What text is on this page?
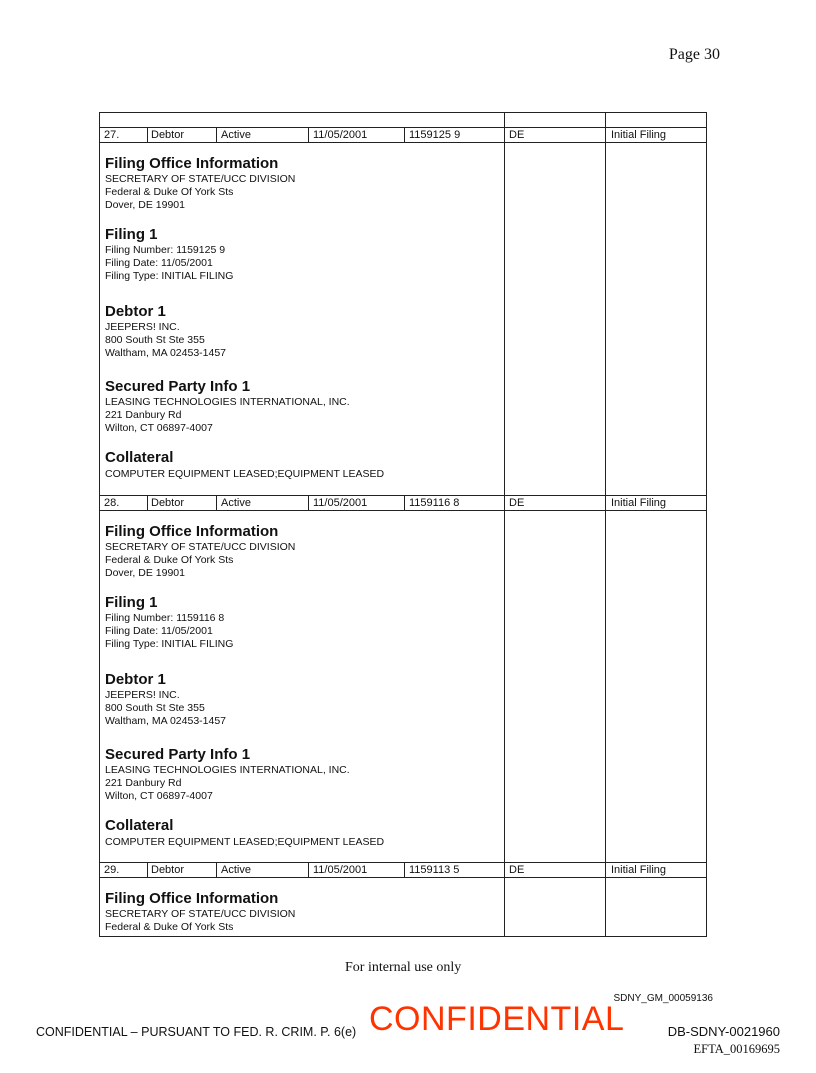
Page 30
27.	Debtor	Active	11/05/2001	1159125 9	DE	Initial Filing
Filing Office Information
SECRETARY OF STATE/UCC DIVISION
Federal & Duke Of York Sts
Dover, DE 19901
Filing 1
Filing Number: 1159125 9
Filing Date: 11/05/2001
Filing Type: INITIAL FILING
Debtor 1
JEEPERS! INC.
800 South St Ste 355
Waltham, MA 02453-1457
Secured Party Info 1
LEASING TECHNOLOGIES INTERNATIONAL, INC.
221 Danbury Rd
Wilton, CT 06897-4007
Collateral
COMPUTER EQUIPMENT LEASED;EQUIPMENT LEASED
28.	Debtor	Active	11/05/2001	1159116 8	DE	Initial Filing
Filing Office Information
SECRETARY OF STATE/UCC DIVISION
Federal & Duke Of York Sts
Dover, DE 19901
Filing 1
Filing Number: 1159116 8
Filing Date: 11/05/2001
Filing Type: INITIAL FILING
Debtor 1
JEEPERS! INC.
800 South St Ste 355
Waltham, MA 02453-1457
Secured Party Info 1
LEASING TECHNOLOGIES INTERNATIONAL, INC.
221 Danbury Rd
Wilton, CT 06897-4007
Collateral
COMPUTER EQUIPMENT LEASED;EQUIPMENT LEASED
29.	Debtor	Active	11/05/2001	1159113 5	DE	Initial Filing
Filing Office Information
SECRETARY OF STATE/UCC DIVISION
Federal & Duke Of York Sts
For internal use only
SDNY_GM_00059136
CONFIDENTIAL – PURSUANT TO FED. R. CRIM. P. 6(e) CONFIDENTIAL	DB-SDNY-0021960
EFTA_00169695
